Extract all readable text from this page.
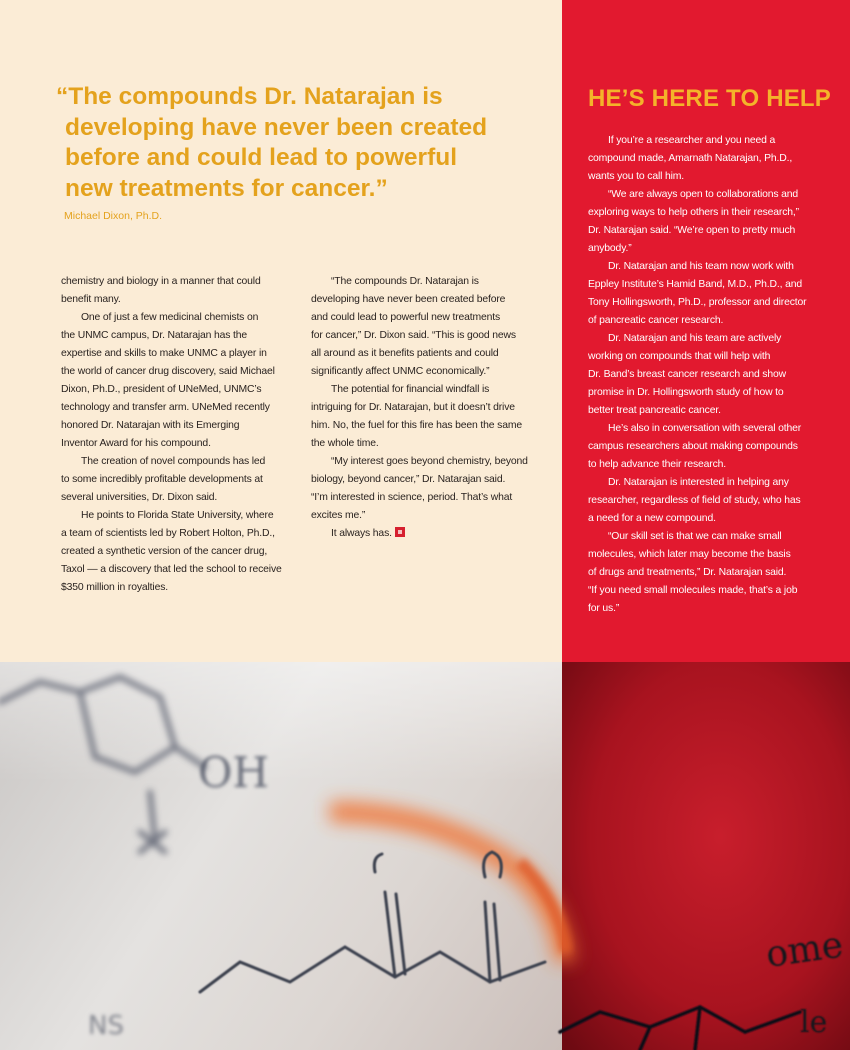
“The compounds Dr. Natarajan is
developing have never been created
before and could lead to powerful
new treatments for cancer.”

Michael Dixon, Ph.D.

chemistry and biology in a manner that could
benefit many.

One of just a few medicinal chemists on
the UNMC campus, Dr. Natarajan has the
expertise and skills to make UNMC a player in
the world of cancer drug discovery, said Michael
Dixon, Ph.D., president of UNeMed, UNMC’s
technology and transfer arm. UNeMed recently
honored Dr. Natarajan with its Emerging
Inventor Award for his compound.

The creation of novel compounds has led
to some incredibly profitable developments at
several universities, Dr. Dixon said.

He points to Florida State University, where
a team of scientists led by Robert Holton, Ph.D.,
created a synthetic version of the cancer drug,
Taxol — a discovery that led the school to receive
$350 million in royalties.

“The compounds Dr. Natarajan is
developing have never been created before
and could lead to powerful new treatments
for cancer,” Dr. Dixon said. “This is good news
all around as it benefits patients and could
significantly affect UNMC economically.”

The potential for financial windfall is
intriguing for Dr. Natarajan, but it doesn’t drive
him. No, the fuel for this fire has been the same
the whole time.

“My interest goes beyond chemistry, beyond
biology, beyond cancer,” Dr. Natarajan said.
“I’m interested in science, period. That’s what
excites me.”

It always has.

HE’S HERE TO HELP

If you’re a researcher and you need a
compound made, Amarnath Natarajan, Ph.D.,
wants you to call him.

“We are always open to collaborations and
exploring ways to help others in their research,”
Dr. Natarajan said. “We’re open to pretty much
anybody.”

Dr. Natarajan and his team now work with
Eppley Institute’s Hamid Band, M.D., Ph.D., and
Tony Hollingsworth, Ph.D., professor and director
of pancreatic cancer research.

Dr. Natarajan and his team are actively
working on compounds that will help with
Dr. Band’s breast cancer research and show
promise in Dr. Hollingsworth study of how to
better treat pancreatic cancer.

He’s also in conversation with several other
campus researchers about making compounds
to help advance their research.

Dr. Natarajan is interested in helping any
researcher, regardless of field of study, who has
a need for a new compound.

“Our skill set is that we can make small
molecules, which later may become the basis
of drugs and treatments,” Dr. Natarajan said.
“If you need small molecules made, that’s a job
for us.”

OH
ome
le
NS
